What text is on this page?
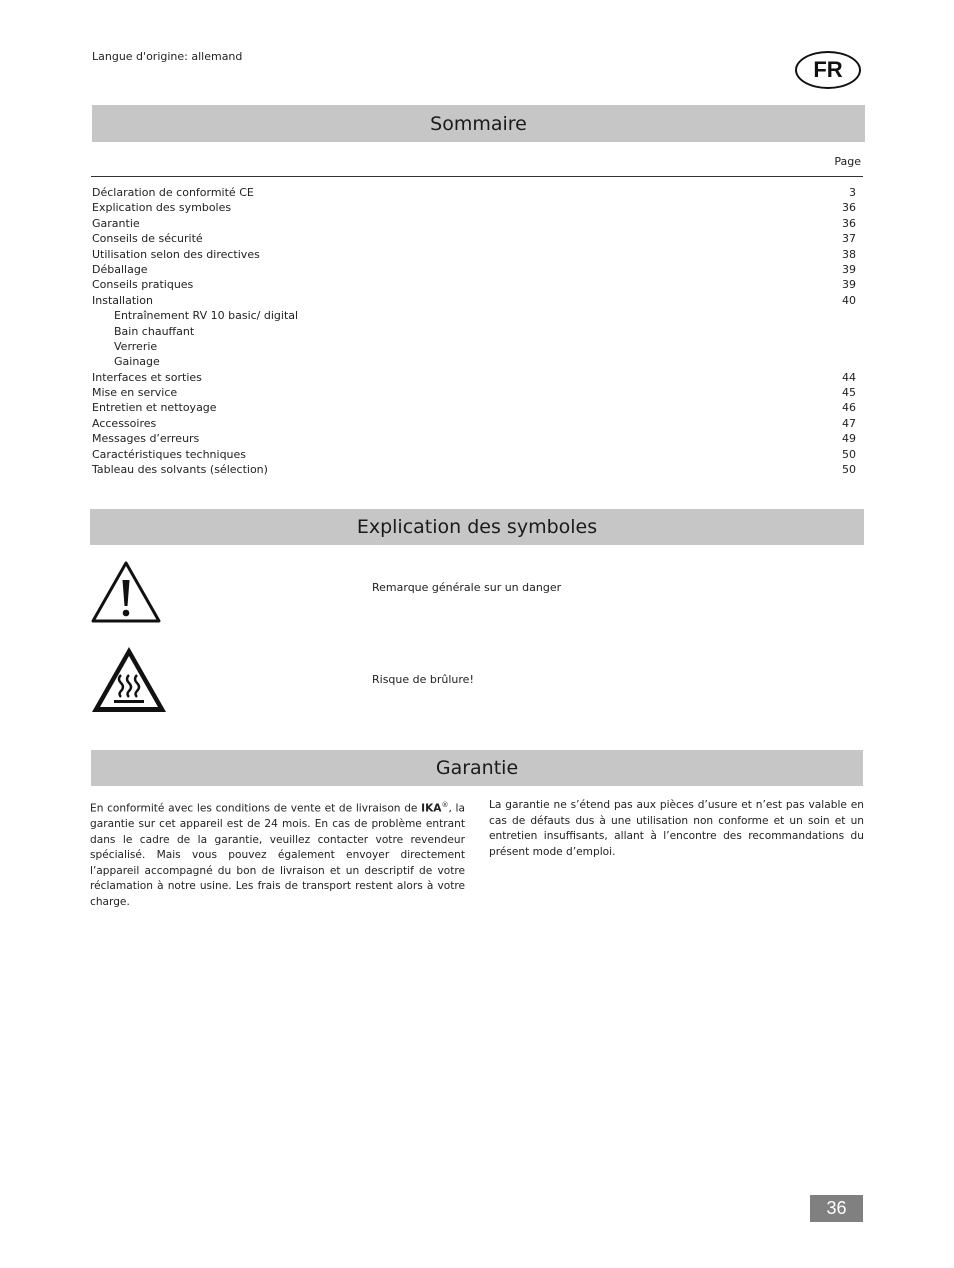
Langue d'origine: allemand
FR
Sommaire
Page
Déclaration de conformité CE	3
Explication des symboles	36
Garantie	36
Conseils de sécurité	37
Utilisation selon des directives	38
Déballage	39
Conseils pratiques	39
Installation	40
Entraînement RV 10 basic/ digital
Bain chauffant
Verrerie
Gainage
Interfaces et sorties	44
Mise en service	45
Entretien et nettoyage	46
Accessoires	47
Messages d’erreurs	49
Caractéristiques techniques	50
Tableau des solvants (sélection)	50
Explication des symboles
Remarque générale sur un danger
Risque de brûlure!
Garantie
En conformité avec les conditions de vente et de livraison de IKA®, la garantie sur cet appareil est de 24 mois. En cas de problème entrant dans le cadre de la garantie, veuillez contacter votre revendeur spécialisé. Mais vous pouvez également envoyer directement l’appareil accompagné du bon de livraison et un descriptif de votre réclamation à notre usine. Les frais de transport restent alors à votre charge.
La garantie ne s’étend pas aux pièces d’usure et n’est pas valable en cas de défauts dus à une utilisation non conforme et un soin et un entretien insuffisants, allant à l’encontre des recommandations du présent mode d’emploi.
36
